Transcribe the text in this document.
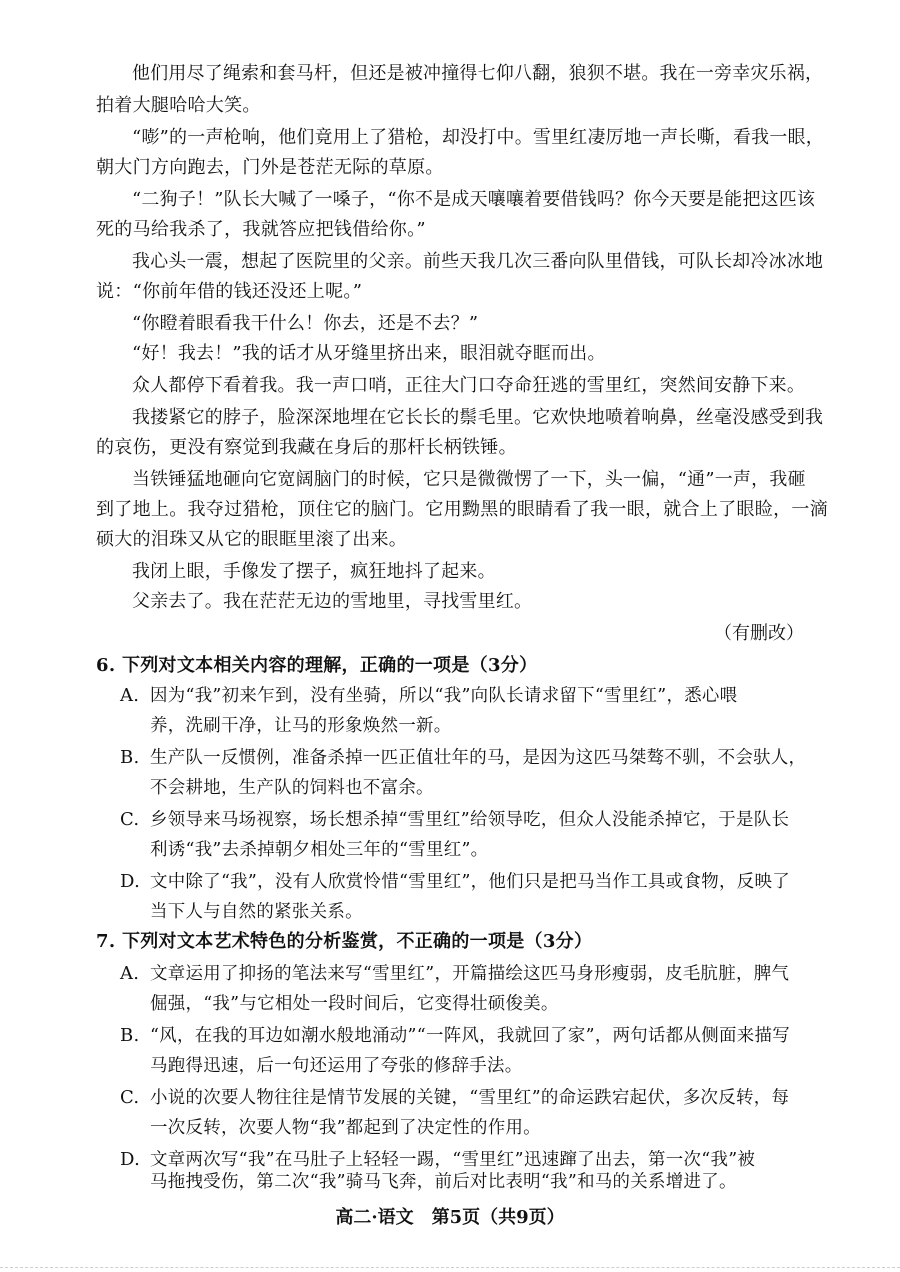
他们用尽了绳索和套马杆，但还是被冲撞得七仰八翻，狼狈不堪。我在一旁幸灾乐祸，
拍着大腿哈哈大笑。
“嘭”的一声枪响，他们竟用上了猎枪，却没打中。雪里红凄厉地一声长嘶，看我一眼，
朝大门方向跑去，门外是苍茫无际的草原。
“二狗子！”队长大喊了一嗓子，“你不是成天嚷嚷着要借钱吗？你今天要是能把这匹该
死的马给我杀了，我就答应把钱借给你。”
我心头一震，想起了医院里的父亲。前些天我几次三番向队里借钱，可队长却冷冰冰地
说：“你前年借的钱还没还上呢。”
“你瞪着眼看我干什么！你去，还是不去？”
“好！我去！”我的话才从牙缝里挤出来，眼泪就夺眶而出。
众人都停下看着我。我一声口哨，正往大门口夺命狂逃的雪里红，突然间安静下来。
我搂紧它的脖子，脸深深地埋在它长长的鬃毛里。它欢快地喷着响鼻，丝毫没感受到我
的哀伤，更没有察觉到我藏在身后的那杆长柄铁锤。
当铁锤猛地砸向它宽阔脑门的时候，它只是微微愣了一下，头一偏，“通”一声，我砸
到了地上。我夺过猎枪，顶住它的脑门。它用黝黑的眼睛看了我一眼，就合上了眼睑，一滴
硕大的泪珠又从它的眼眶里滚了出来。
我闭上眼，手像发了摆子，疯狂地抖了起来。
父亲去了。我在茫茫无边的雪地里，寻找雪里红。
（有删改）
6. 下列对文本相关内容的理解，正确的一项是（3分）
A. 因为“我”初来乍到，没有坐骑，所以“我”向队长请求留下“雪里红”，悉心喂
养，洗刷干净，让马的形象焕然一新。
B. 生产队一反惯例，准备杀掉一匹正值壮年的马，是因为这匹马桀骜不驯，不会驮人，
不会耕地，生产队的饲料也不富余。
C. 乡领导来马场视察，场长想杀掉“雪里红”给领导吃，但众人没能杀掉它，于是队长
利诱“我”去杀掉朝夕相处三年的“雪里红”。
D. 文中除了“我”，没有人欣赏怜惜“雪里红”，他们只是把马当作工具或食物，反映了
当下人与自然的紧张关系。
7. 下列对文本艺术特色的分析鉴赏，不正确的一项是（3分）
A. 文章运用了抑扬的笔法来写“雪里红”，开篇描绘这匹马身形瘦弱，皮毛肮脏，脾气
倔强，“我”与它相处一段时间后，它变得壮硕俊美。
B. “风，在我的耳边如潮水般地涌动”“一阵风，我就回了家”，两句话都从侧面来描写
马跑得迅速，后一句还运用了夸张的修辞手法。
C. 小说的次要人物往往是情节发展的关键，“雪里红”的命运跌宕起伏，多次反转，每
一次反转，次要人物“我”都起到了决定性的作用。
D. 文章两次写“我”在马肚子上轻轻一踢，“雪里红”迅速蹿了出去，第一次“我”被
马拖拽受伤，第二次“我”骑马飞奔，前后对比表明“我”和马的关系增进了。
高二·语文　第5页（共9页）
